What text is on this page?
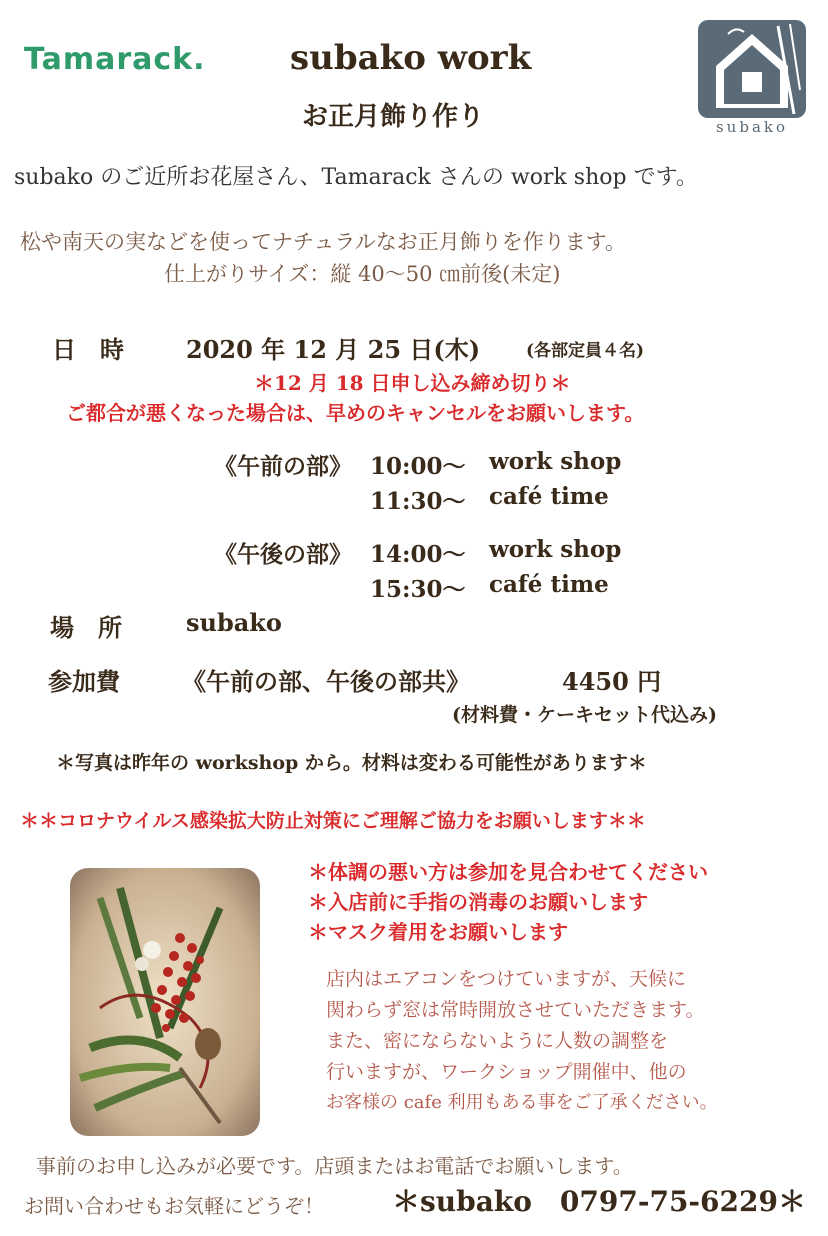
Tamarack. subako work
お正月飾り作り	subako
subako のご近所お花屋さん、Tamarack さんの work shop です。
松や南天の実などを使ってナチュラルなお正月飾りを作ります。
仕上がりサイズ：縦 40～50 ㎝前後(未定)
日　時	2020 年 12 月 25 日(木)	(各部定員４名)
＊12 月 18 日申し込み締め切り＊
ご都合が悪くなった場合は、早めのキャンセルをお願いします。
《午前の部》 10:00～ work shop
11:30～ café time
《午後の部》 14:00～ work shop
15:30～ café time
場　所	subako
参加費	《午前の部、午後の部共》	4450 円
(材料費・ケーキセット代込み)
＊写真は昨年の workshop から。材料は変わる可能性があります＊
＊＊コロナウイルス感染拡大防止対策にご理解ご協力をお願いします＊＊
＊体調の悪い方は参加を見合わせてください
＊入店前に手指の消毒のお願いします
＊マスク着用をお願いします
店内はエアコンをつけていますが、天候に
関わらず窓は常時開放させていただきます。
また、密にならないように人数の調整を
行いますが、ワークショップ開催中、他の
お客様の cafe 利用もある事をご了承ください。
事前のお申し込みが必要です。店頭またはお電話でお願いします。
お問い合わせもお気軽にどうぞ！ ＊subako　0797-75-6229＊
